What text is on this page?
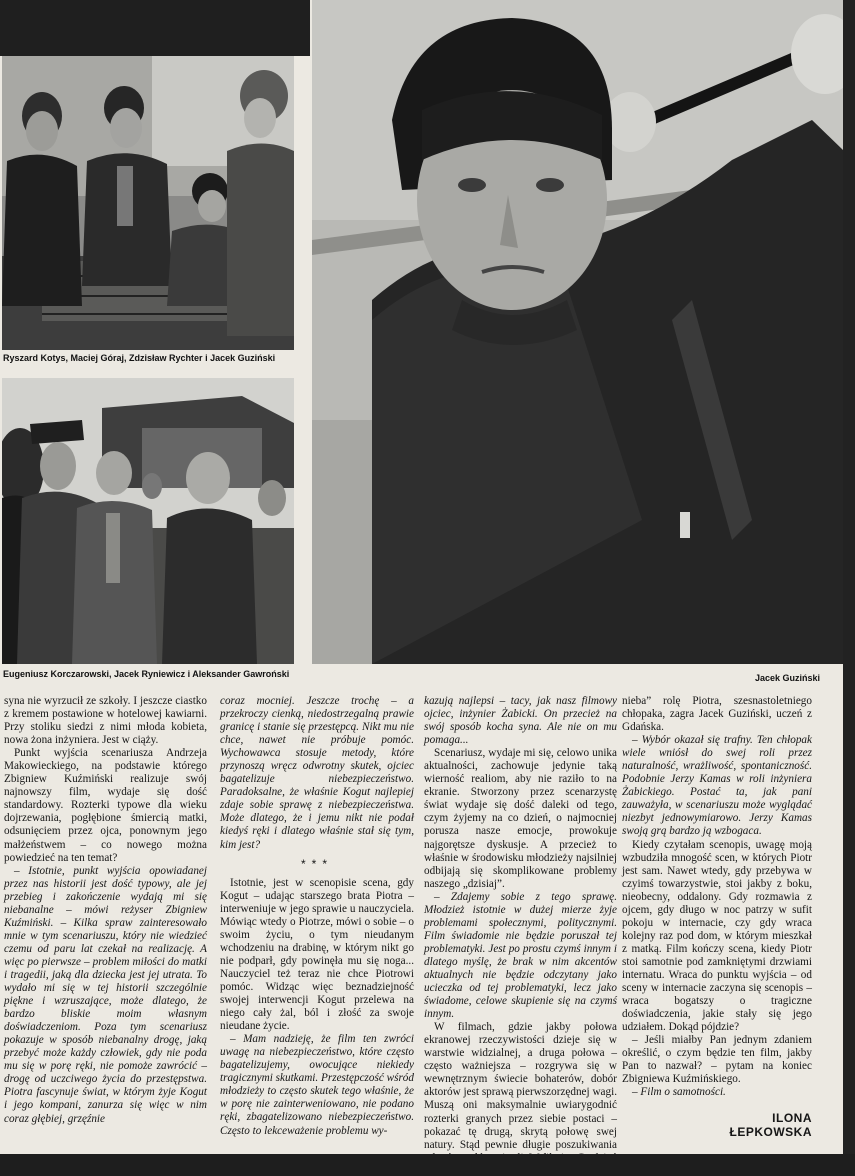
Ryszard Kotys, Maciej Góraj, Zdzisław Rychter i Jacek Guziński
Eugeniusz Korczarowski, Jacek Ryniewicz i Aleksander Gawroński	Jacek Guziński

syna nie wyrzucił ze szkoły. I jeszcze ciastko z kremem postawione w hotelowej kawiarni. Przy stoliku siedzi z nimi młoda kobieta, nowa żona inżyniera. Jest w ciąży.

Punkt wyjścia scenariusza Andrzeja Makowieckiego, na podstawie którego Zbigniew Kuźmiński realizuje swój najnowszy film, wydaje się dość standardowy. Rozterki typowe dla wieku dojrzewania, pogłębione śmiercią matki, odsunięciem przez ojca, ponownym jego małżeństwem – co nowego można powiedzieć na ten temat?

– Istotnie, punkt wyjścia opowiadanej przez nas historii jest dość typowy, ale jej przebieg i zakończenie wydają mi się niebanalne – mówi reżyser Zbigniew Kuźmiński. – Kilka spraw zainteresowało mnie w tym scenariuszu, który nie wiedzieć czemu od paru lat czekał na realizację. A więc po pierwsze – problem miłości do matki i tragedii, jaką dla dziecka jest jej utrata. To wydało mi się w tej historii szczególnie piękne i wzruszające, może dlatego, że bardzo bliskie moim własnym doświadczeniom. Poza tym scenariusz pokazuje w sposób niebanalny drogę, jaką przebyć może każdy człowiek, gdy nie poda mu się w porę ręki, nie pomoże zawrócić – drogę od uczciwego życia do przestępstwa. Piotra fascynuje świat, w którym żyje Kogut i jego kompani, zanurza się więc w nim coraz głębiej, grzęźnie

coraz mocniej. Jeszcze trochę – a przekroczy cienką, niedostrzegalną prawie granicę i stanie się przestępcą. Nikt mu nie chce, nawet nie próbuje pomóc. Wychowawca stosuje metody, które przynoszą wręcz odwrotny skutek, ojciec bagatelizuje niebezpieczeństwo. Paradoksalne, że właśnie Kogut najlepiej zdaje sobie sprawę z niebezpieczeństwa. Może dlatego, że i jemu nikt nie podał kiedyś ręki i dlatego właśnie stał się tym, kim jest?

***

Istotnie, jest w scenopisie scena, gdy Kogut – udając starszego brata Piotra – interweniuje w jego sprawie u nauczyciela. Mówiąc wtedy o Piotrze, mówi o sobie – o swoim życiu, o tym nieudanym wchodzeniu na drabinę, w którym nikt go nie podparł, gdy powinęła mu się noga... Nauczyciel też teraz nie chce Piotrowi pomóc. Widząc więc beznadziejność swojej interwencji Kogut przelewa na niego cały żal, ból i złość za swoje nieudane życie.

– Mam nadzieję, że film ten zwróci uwagę na niebezpieczeństwo, które często bagatelizujemy, owocujące niekiedy tragicznymi skutkami. Przestępczość wśród młodzieży to często skutek tego właśnie, że w porę nie zainterweniowano, nie podano ręki, zbagatelizowano niebezpieczeństwo. Często to lekceważenie problemu wy-

kazują najlepsi – tacy, jak nasz filmowy ojciec, inżynier Żabicki. On przecież na swój sposób kocha syna. Ale nie on mu pomaga...

Scenariusz, wydaje mi się, celowo unika aktualności, zachowuje jedynie taką wierność realiom, aby nie raziło to na ekranie. Stworzony przez scenarzystę świat wydaje się dość daleki od tego, czym żyjemy na co dzień, o najmocniej porusza nasze emocje, prowokuje najgorętsze dyskusje. A przecież to właśnie w środowisku młodzieży najsilniej odbijają się skomplikowane problemy naszego „dzisiaj”.

– Zdajemy sobie z tego sprawę. Młodzież istotnie w dużej mierze żyje problemami społecznymi, politycznymi. Film świadomie nie będzie poruszał tej problematyki. Jest po prostu czymś innym i dlatego myślę, że brak w nim akcentów aktualnych nie będzie odczytany jako ucieczka od tej problematyki, lecz jako świadome, celowe skupienie się na czymś innym.

W filmach, gdzie jakby połowa ekranowej rzeczywistości dzieje się w warstwie widzialnej, a druga połowa – często ważniejsza – rozgrywa się w wewnętrznym świecie bohaterów, dobór aktorów jest sprawą pierwszorzędnej wagi. Muszą oni maksymalnie uwiarygodnić rozterki granych przez siebie postaci – pokazać tę drugą, skrytą połowę swej natury. Stąd pewnie długie poszukiwania

nieba” rolę Piotra, szesnastoletniego chłopaka, zagra Jacek Guziński, uczeń z Gdańska.

– Wybór okazał się trafny. Ten chłopak wiele wniósł do swej roli przez naturalność, wrażliwość, spontaniczność. Podobnie Jerzy Kamas w roli inżyniera Żabickiego. Postać ta, jak pani zauważyła, w scenariuszu może wyglądać niezbyt jednowymiarowo. Jerzy Kamas swoją grą bardzo ją wzbogaca.

Kiedy czytałam scenopis, uwagę moją wzbudziła mnogość scen, w których Piotr jest sam. Nawet wtedy, gdy przebywa w czyimś towarzystwie, stoi jakby z boku, nieobecny, oddalony. Gdy rozmawia z ojcem, gdy długo w noc patrzy w sufit pokoju w internacie, czy gdy wraca kolejny raz pod dom, w którym mieszkał z matką. Film kończy scena, kiedy Piotr stoi samotnie pod zamkniętymi drzwiami internatu. Wraca do punktu wyjścia – od sceny w internacie zaczyna się scenopis – wraca bogatszy o tragiczne doświadczenia, jakie stały się jego udziałem. Dokąd pójdzie?

– Jeśli miałby Pan jednym zdaniem określić, o czym będzie ten film, jakby Pan to nazwał? – pytam na koniec Zbigniewa Kuźmińskiego.

– Film o samotności.

ILONA
ŁEPKOWSKA
